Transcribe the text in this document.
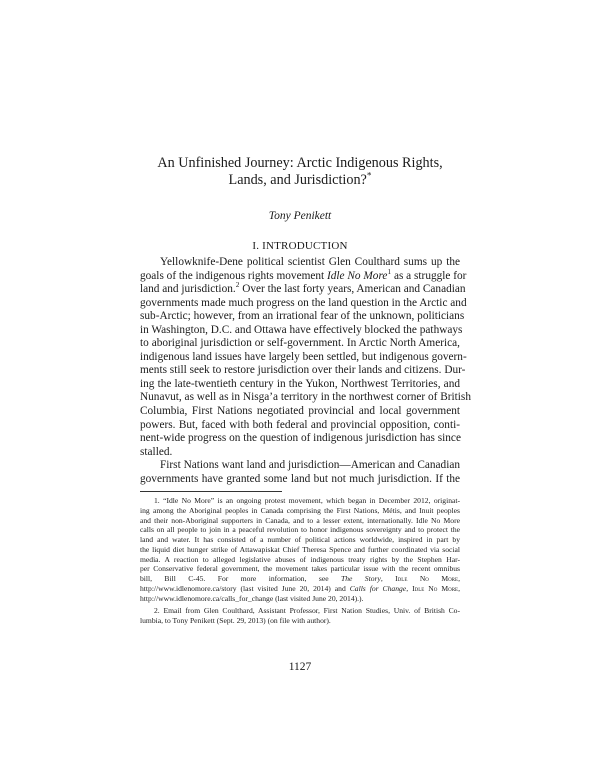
An Unfinished Journey: Arctic Indigenous Rights,
Lands, and Jurisdiction?*
Tony Penikett
I. INTRODUCTION
Yellowknife-Dene political scientist Glen Coulthard sums up the
goals of the indigenous rights movement Idle No More$^1$ as a struggle for
land and jurisdiction.$^2$ Over the last forty years, American and Canadian
governments made much progress on the land question in the Arctic and
sub-Arctic; however, from an irrational fear of the unknown, politicians
in Washington, D.C. and Ottawa have effectively blocked the pathways
to aboriginal jurisdiction or self-government. In Arctic North America,
indigenous land issues have largely been settled, but indigenous govern-
ments still seek to restore jurisdiction over their lands and citizens. Dur-
ing the late-twentieth century in the Yukon, Northwest Territories, and
Nunavut, as well as in Nisga’a territory in the northwest corner of British
Columbia, First Nations negotiated provincial and local government
powers. But, faced with both federal and provincial opposition, conti-
nent-wide progress on the question of indigenous jurisdiction has since
stalled.
First Nations want land and jurisdiction—American and Canadian
governments have granted some land but not much jurisdiction. If the
1. “Idle No More” is an ongoing protest movement, which began in December 2012, originat-
ing among the Aboriginal peoples in Canada comprising the First Nations, Métis, and Inuit peoples
and their non-Aboriginal supporters in Canada, and to a lesser extent, internationally. Idle No More
calls on all people to join in a peaceful revolution to honor indigenous sovereignty and to protect the
land and water. It has consisted of a number of political actions worldwide, inspired in part by
the liquid diet hunger strike of Attawapiskat Chief Theresa Spence and further coordinated via social
media. A reaction to alleged legislative abuses of indigenous treaty rights by the Stephen Har-
per Conservative federal government, the movement takes particular issue with the recent omnibus
bill, Bill C-45. For more information, see The Story, Idle No More,
http://www.idlenomore.ca/story (last visited June 20, 2014) and Calls for Change, Idle No More,
http://www.idlenomore.ca/calls_for_change (last visited June 20, 2014).).
2. Email from Glen Coulthard, Assistant Professor, First Nation Studies, Univ. of British Co-
lumbia, to Tony Penikett (Sept. 29, 2013) (on file with author).
1127
